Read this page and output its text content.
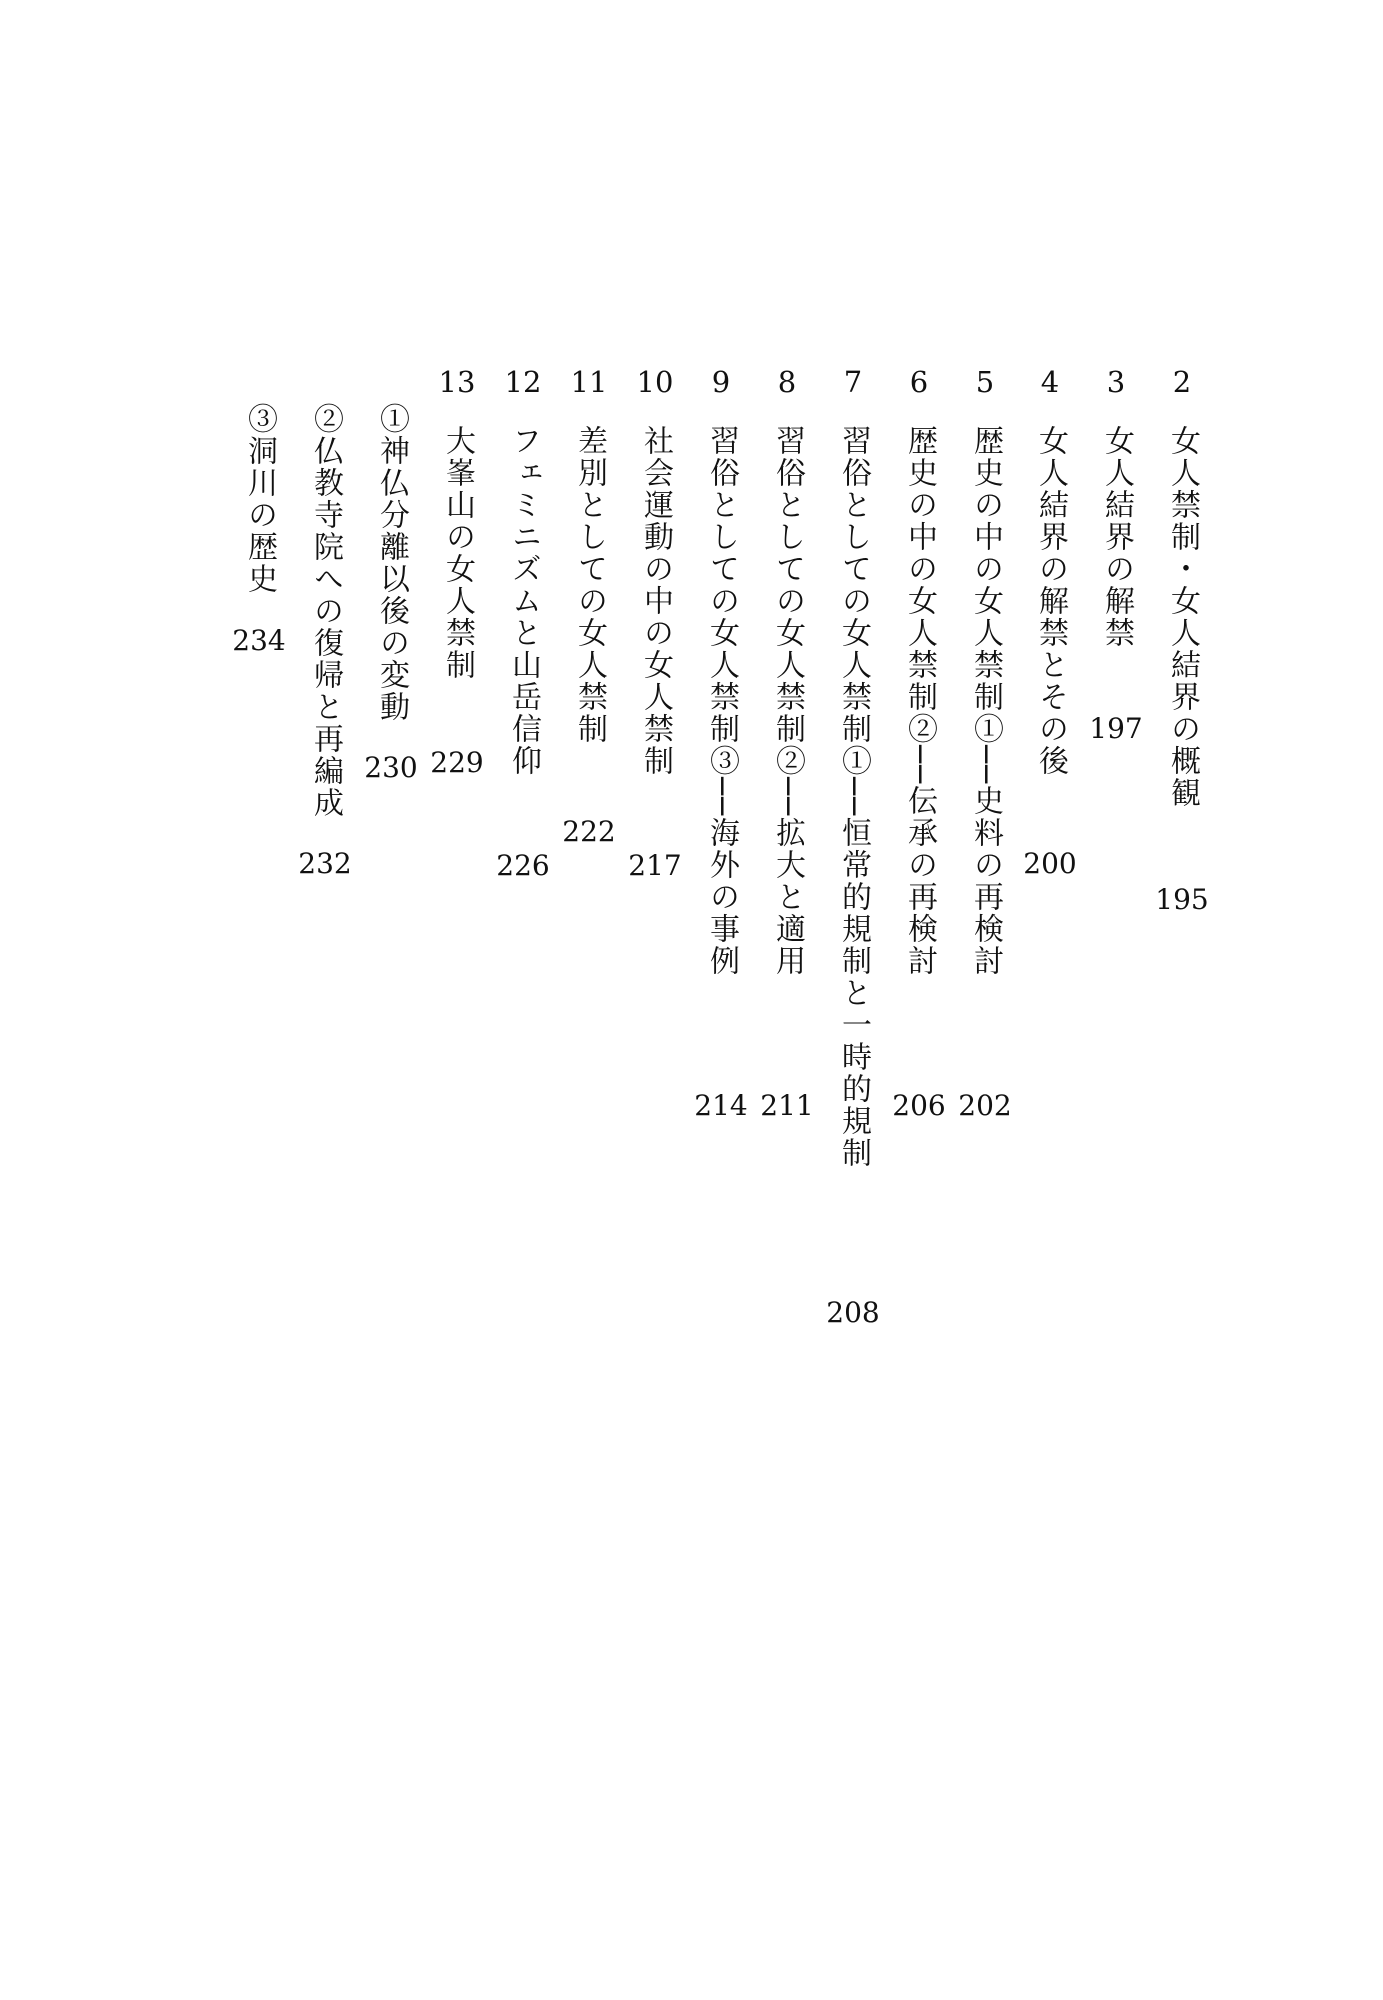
2
女人禁制・女人結界の概観
195
3
女人結界の解禁
197
4
女人結界の解禁とその後
200
5
歴史の中の女人禁制①──史料の再検討
202
6
歴史の中の女人禁制②──伝承の再検討
206
7
習俗としての女人禁制①──恒常的規制と一時的規制
208
8
習俗としての女人禁制②──拡大と適用
211
9
習俗としての女人禁制③──海外の事例
214
10
社会運動の中の女人禁制
217
11
差別としての女人禁制
222
12
フェミニズムと山岳信仰
226
13
大峯山の女人禁制
229
①神仏分離以後の変動
230
②仏教寺院への復帰と再編成
232
③洞川の歴史
234
